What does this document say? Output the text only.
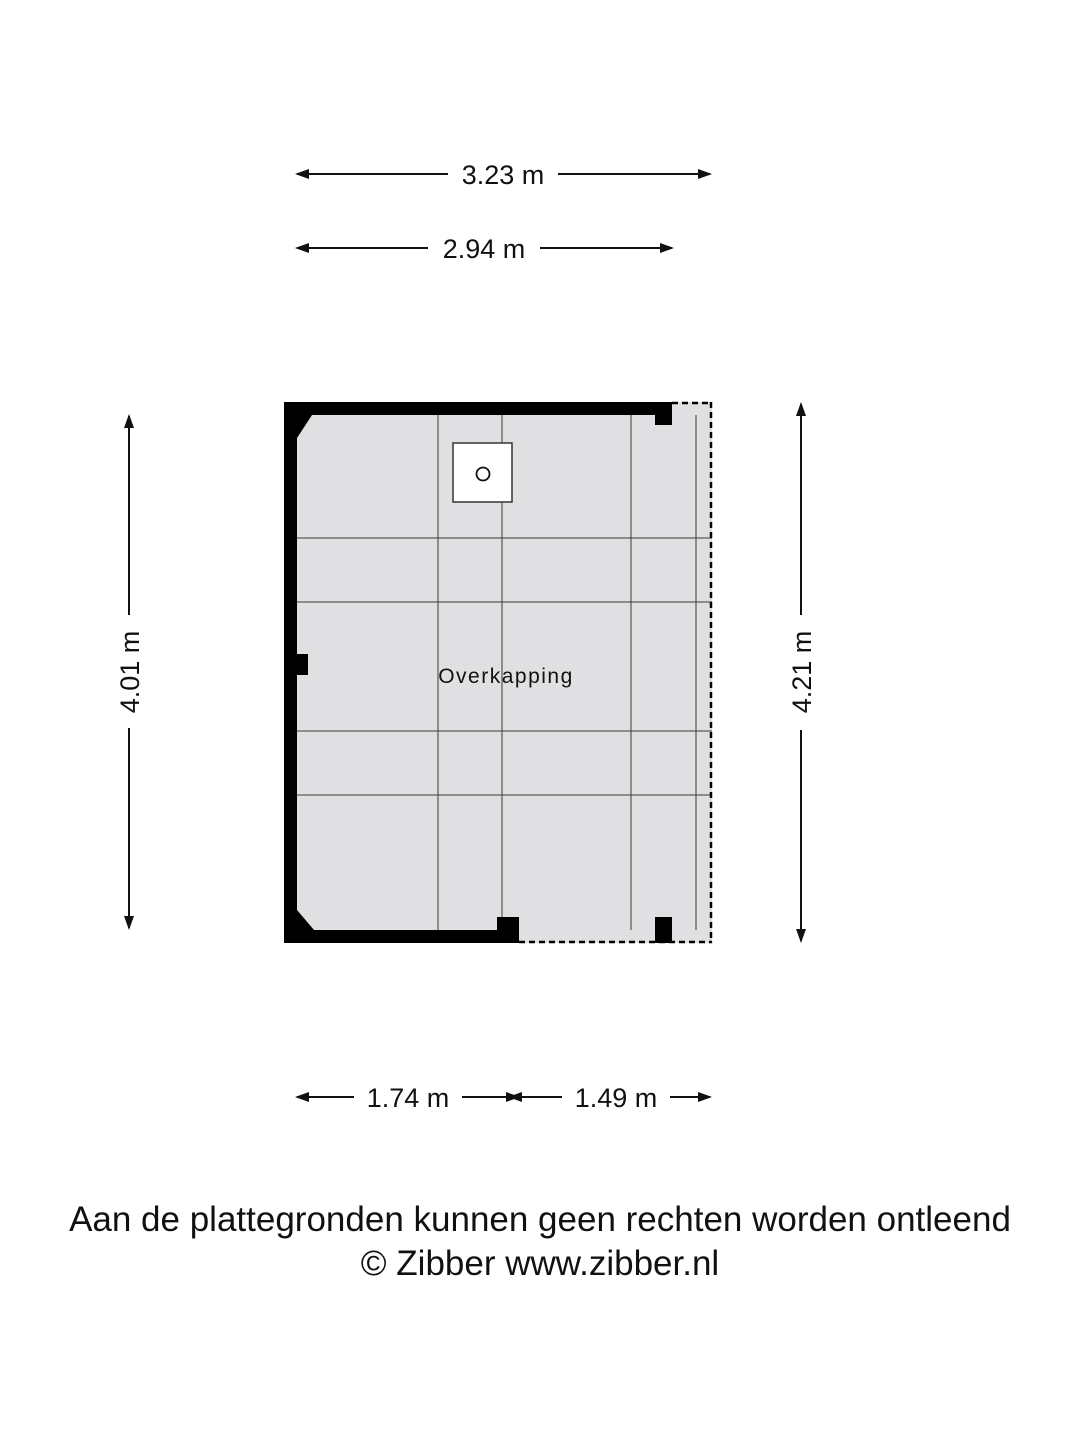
Overkapping
3.23 m
2.94 m
4.01 m	4.21 m
1.74 m	1.49 m
Aan de plattegronden kunnen geen rechten worden ontleend
© Zibber www.zibber.nl
